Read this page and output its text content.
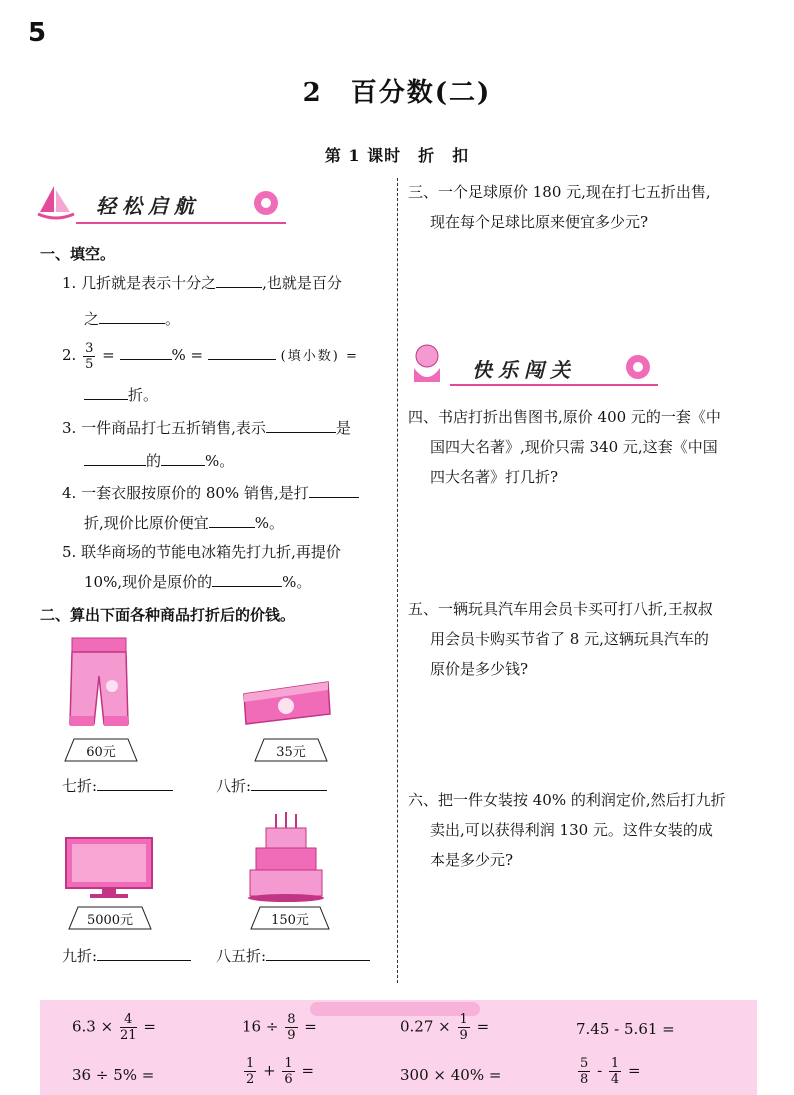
5
2　百分数(二)
第 1 课时　折　扣
轻松启航
一、填空。
1. 几折就是表示十分之	,也就是百分
之	。
2. $\frac{3}{5}$ =	% =	(填小数) =
折。
3. 一件商品打七五折销售,表示	是
的	%。
4. 一套衣服按原价的 80% 销售,是打
折,现价比原价便宜	%。
5. 联华商场的节能电冰箱先打九折,再提价
10%,现价是原价的	%。
二、算出下面各种商品打折后的价钱。
60元	35元
5000元	150元
七折:	八折:
九折:	八五折:
三、一个足球原价 180 元,现在打七五折出售,
现在每个足球比原来便宜多少元?
快乐闯关
四、书店打折出售图书,原价 400 元的一套《中
国四大名著》,现价只需 340 元,这套《中国
四大名著》打几折?
五、一辆玩具汽车用会员卡买可打八折,王叔叔
用会员卡购买节省了 8 元,这辆玩具汽车的
原价是多少钱?
六、把一件女装按 40% 的利润定价,然后打九折
卖出,可以获得利润 130 元。这件女装的成
本是多少元?
$6.3 \times \frac{4}{21}$ =	$16 \div \frac{8}{9}$ =	$0.27 \times \frac{1}{9}$ =	7.45 - 5.61 =
36 ÷ 5% =	$\frac{1}{2} + \frac{1}{6}$ =	300 × 40% =	$\frac{5}{8} - \frac{1}{4}$ =
